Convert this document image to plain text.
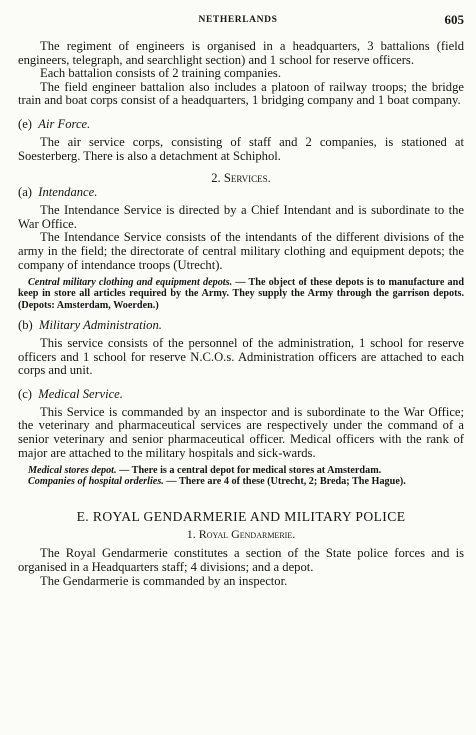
NETHERLANDS	605

The regiment of engineers is organised in a headquarters, 3 battalions (field engineers, telegraph, and searchlight section) and 1 school for reserve officers.

Each battalion consists of 2 training companies.

The field engineer battalion also includes a platoon of railway troops; the bridge train and boat corps consist of a headquarters, 1 bridging company and 1 boat company.

(e) Air Force.

The air service corps, consisting of staff and 2 companies, is stationed at Soesterberg. There is also a detachment at Schiphol.

2. Services.

(a) Intendance.

The Intendance Service is directed by a Chief Intendant and is subordinate to the War Office.

The Intendance Service consists of the intendants of the different divisions of the army in the field; the directorate of central military clothing and equipment depots; the company of intendance troops (Utrecht).

Central military clothing and equipment depots. — The object of these depots is to manufacture and keep in store all articles required by the Army. They supply the Army through the garrison depots. (Depots: Amsterdam, Woerden.)

(b) Military Administration.

This service consists of the personnel of the administration, 1 school for reserve officers and 1 school for reserve N.C.O.s. Administration officers are attached to each corps and unit.

(c) Medical Service.

This Service is commanded by an inspector and is subordinate to the War Office; the veterinary and pharmaceutical services are respectively under the command of a senior veterinary and senior pharmaceutical officer. Medical officers with the rank of major are attached to the military hospitals and sick-wards.

Medical stores depot. — There is a central depot for medical stores at Amsterdam.

Companies of hospital orderlies. — There are 4 of these (Utrecht, 2; Breda; The Hague).

E. ROYAL GENDARMERIE AND MILITARY POLICE

1. Royal Gendarmerie.

The Royal Gendarmerie constitutes a section of the State police forces and is organised in a Headquarters staff; 4 divisions; and a depot.

The Gendarmerie is commanded by an inspector.
